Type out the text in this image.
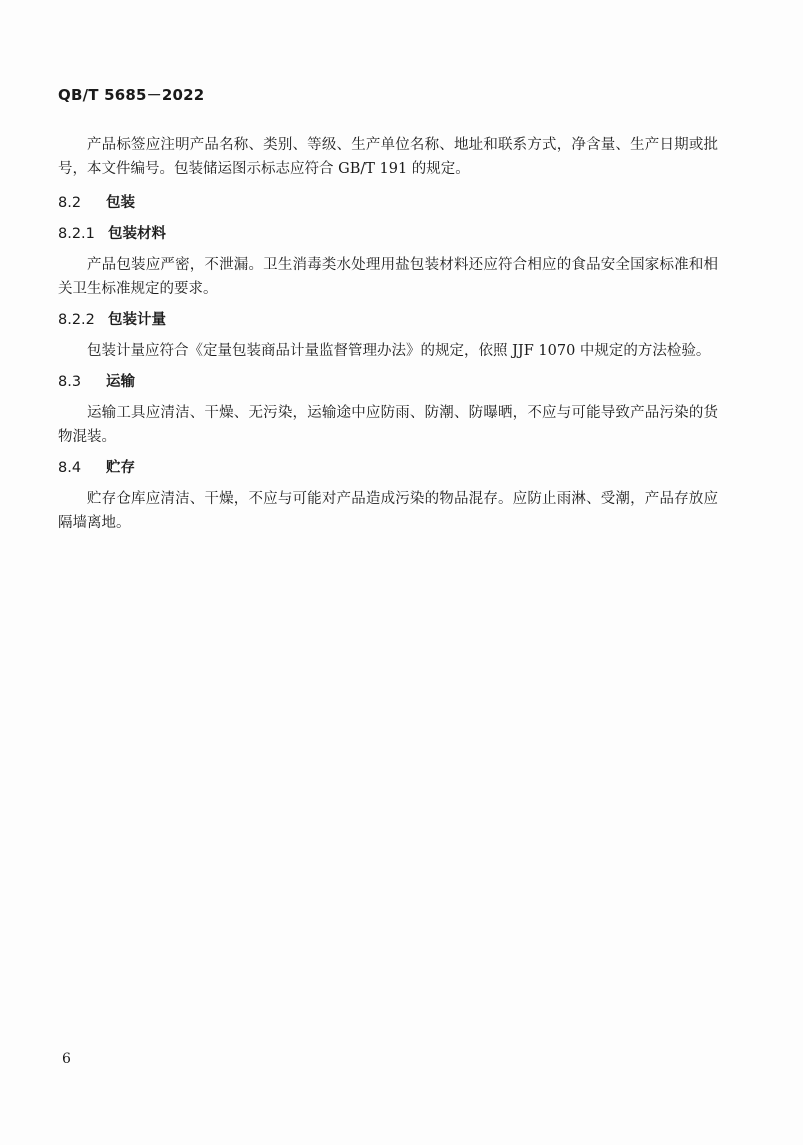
QB/T 5685－2022

产品标签应注明产品名称、类别、等级、生产单位名称、地址和联系方式，净含量、生产日期或批号，本文件编号。包装储运图示标志应符合 GB/T 191 的规定。

8.2 包装

8.2.1 包装材料

产品包装应严密，不泄漏。卫生消毒类水处理用盐包装材料还应符合相应的食品安全国家标准和相关卫生标准规定的要求。

8.2.2 包装计量

包装计量应符合《定量包装商品计量监督管理办法》的规定，依照 JJF 1070 中规定的方法检验。

8.3 运输

运输工具应清洁、干燥、无污染，运输途中应防雨、防潮、防曝晒，不应与可能导致产品污染的货物混装。

8.4 贮存

贮存仓库应清洁、干燥，不应与可能对产品造成污染的物品混存。应防止雨淋、受潮，产品存放应隔墙离地。

6
